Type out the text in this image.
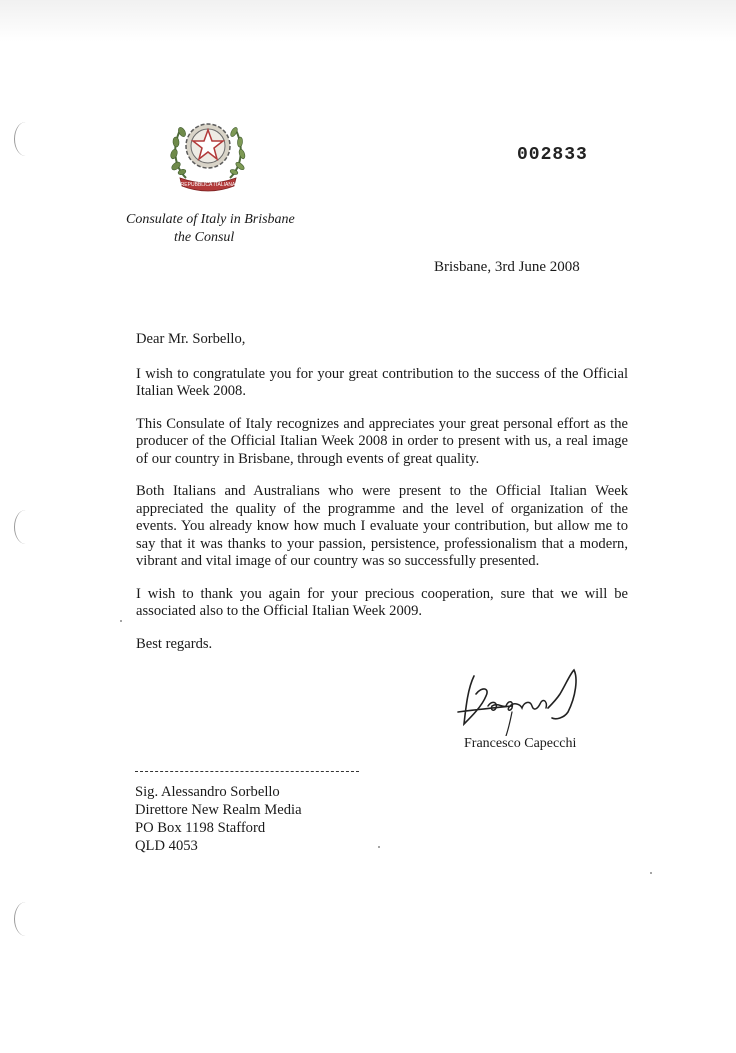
REPUBBLICA ITALIANA
Consulate of Italy in Brisbane
the Consul
002833
Brisbane, 3rd June 2008

Dear Mr. Sorbello,

I wish to congratulate you for your great contribution to the success of the Official Italian Week 2008.

This Consulate of Italy recognizes and appreciates your great personal effort as the producer of the Official Italian Week 2008 in order to present with us, a real image of our country in Brisbane, through events of great quality.

Both Italians and Australians who were present to the Official Italian Week appreciated the quality of the programme and the level of organization of the events. You already know how much I evaluate your contribution, but allow me to say that it was thanks to your passion, persistence, professionalism that a modern, vibrant and vital image of our country was so successfully presented.

I wish to thank you again for your precious cooperation, sure that we will be associated also to the Official Italian Week 2009.

Best regards.

Francesco Capecchi
Sig. Alessandro Sorbello
Direttore New Realm Media
PO Box 1198 Stafford
QLD 4053
